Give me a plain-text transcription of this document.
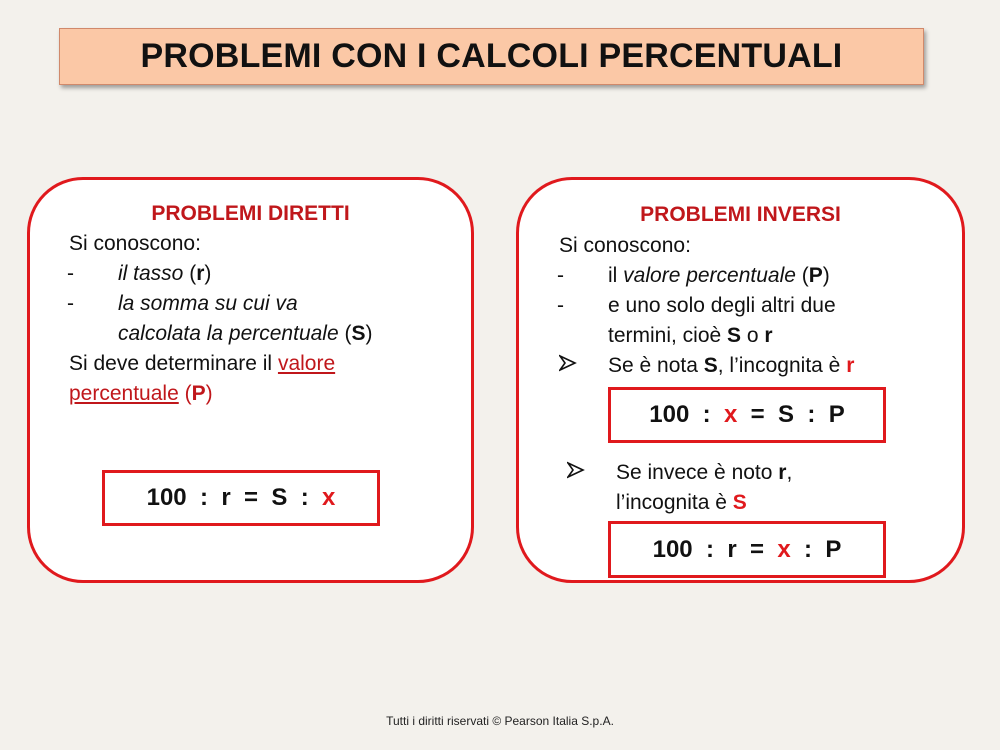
PROBLEMI CON I CALCOLI PERCENTUALI
PROBLEMI DIRETTI
Si conoscono:
- il tasso (r)
- la somma su cui va
calcolata la percentuale (S)
Si deve determinare il valore
percentuale (P)
100  :  r  =  S  : x
PROBLEMI INVERSI
Si conoscono:
- il valore percentuale (P)
- e uno solo degli altri due
termini, cioè S o r
Se è nota S, l’incognita è r
Se invece è noto r,
l’incognita è S
100  : x =  S  :  P
100  :  r  = x :  P
Tutti i diritti riservati © Pearson Italia S.p.A.
